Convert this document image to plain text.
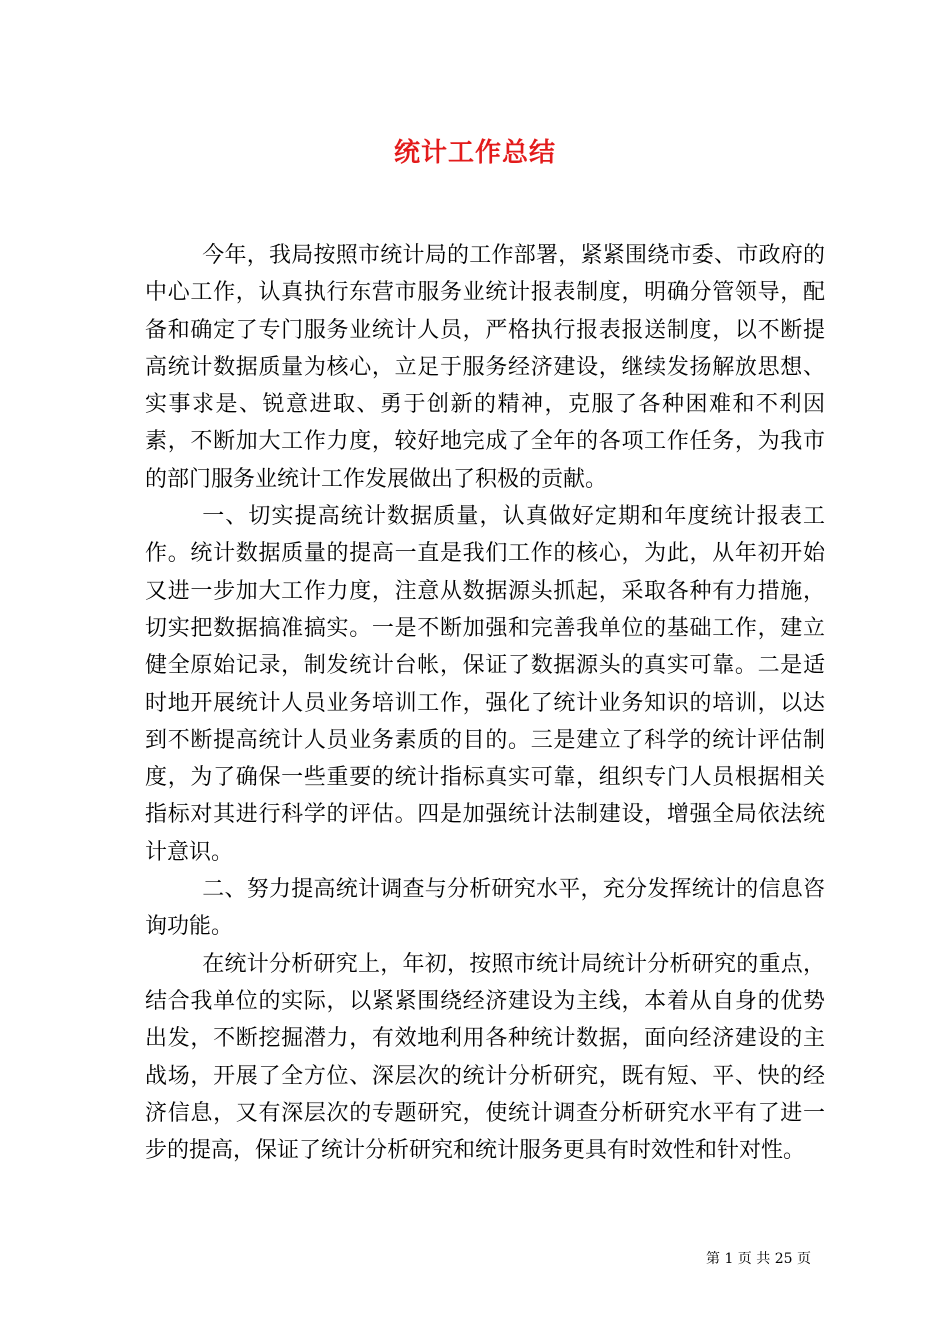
统计工作总结

今年，我局按照市统计局的工作部署，紧紧围绕市委、市政府的中心工作，认真执行东营市服务业统计报表制度，明确分管领导，配备和确定了专门服务业统计人员，严格执行报表报送制度，以不断提高统计数据质量为核心，立足于服务经济建设，继续发扬解放思想、实事求是、锐意进取、勇于创新的精神，克服了各种困难和不利因素，不断加大工作力度，较好地完成了全年的各项工作任务，为我市的部门服务业统计工作发展做出了积极的贡献。

一、切实提高统计数据质量，认真做好定期和年度统计报表工作。统计数据质量的提高一直是我们工作的核心，为此，从年初开始又进一步加大工作力度，注意从数据源头抓起，采取各种有力措施，切实把数据搞准搞实。一是不断加强和完善我单位的基础工作，建立健全原始记录，制发统计台帐，保证了数据源头的真实可靠。二是适时地开展统计人员业务培训工作，强化了统计业务知识的培训，以达到不断提高统计人员业务素质的目的。三是建立了科学的统计评估制度，为了确保一些重要的统计指标真实可靠，组织专门人员根据相关指标对其进行科学的评估。四是加强统计法制建设，增强全局依法统计意识。

二、努力提高统计调查与分析研究水平，充分发挥统计的信息咨询功能。

在统计分析研究上，年初，按照市统计局统计分析研究的重点，结合我单位的实际，以紧紧围绕经济建设为主线，本着从自身的优势出发，不断挖掘潜力，有效地利用各种统计数据，面向经济建设的主战场，开展了全方位、深层次的统计分析研究，既有短、平、快的经济信息，又有深层次的专题研究，使统计调查分析研究水平有了进一步的提高，保证了统计分析研究和统计服务更具有时效性和针对性。

第 1 页 共 25 页
